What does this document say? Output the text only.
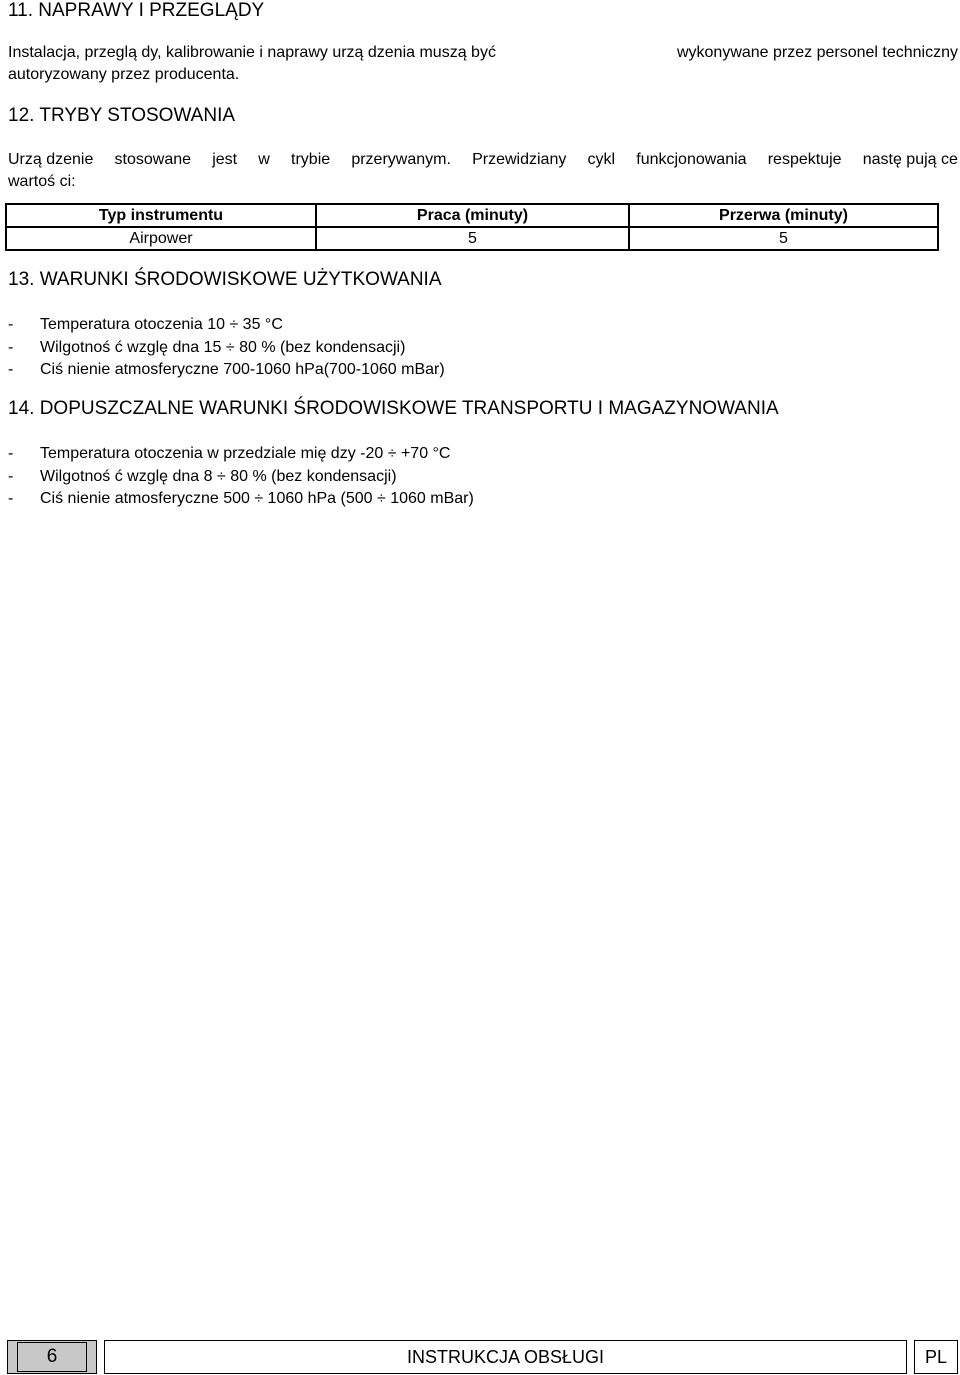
11. NAPRAWY I PRZEGLĄDY
Instalacja, przeglą dy, kalibrowanie i naprawy urzą dzenia muszą być	wykonywane przez personel techniczny
autoryzowany przez producenta.
12. TRYBY STOSOWANIA
Urzą dzenie stosowane jest w trybie przerywanym. Przewidziany cykl funkcjonowania respektuje nastę pują ce
wartoś ci:
Typ instrumentu	Praca (minuty)	Przerwa (minuty)
Airpower	5	5
13. WARUNKI ŚRODOWISKOWE UŻYTKOWANIA
-	Temperatura otoczenia 10 ÷ 35 °C
-	Wilgotnoś ć wzglę dna 15 ÷ 80 % (bez kondensacji)
-	Ciś nienie atmosferyczne 700-1060 hPa(700-1060 mBar)
14. DOPUSZCZALNE WARUNKI ŚRODOWISKOWE TRANSPORTU I MAGAZYNOWANIA
-	Temperatura otoczenia w przedziale mię dzy -20 ÷ +70 °C
-	Wilgotnoś ć wzglę dna 8 ÷ 80 % (bez kondensacji)
-	Ciś nienie atmosferyczne 500 ÷ 1060 hPa (500 ÷ 1060 mBar)
6	INSTRUKCJA OBSŁUGI	PL
